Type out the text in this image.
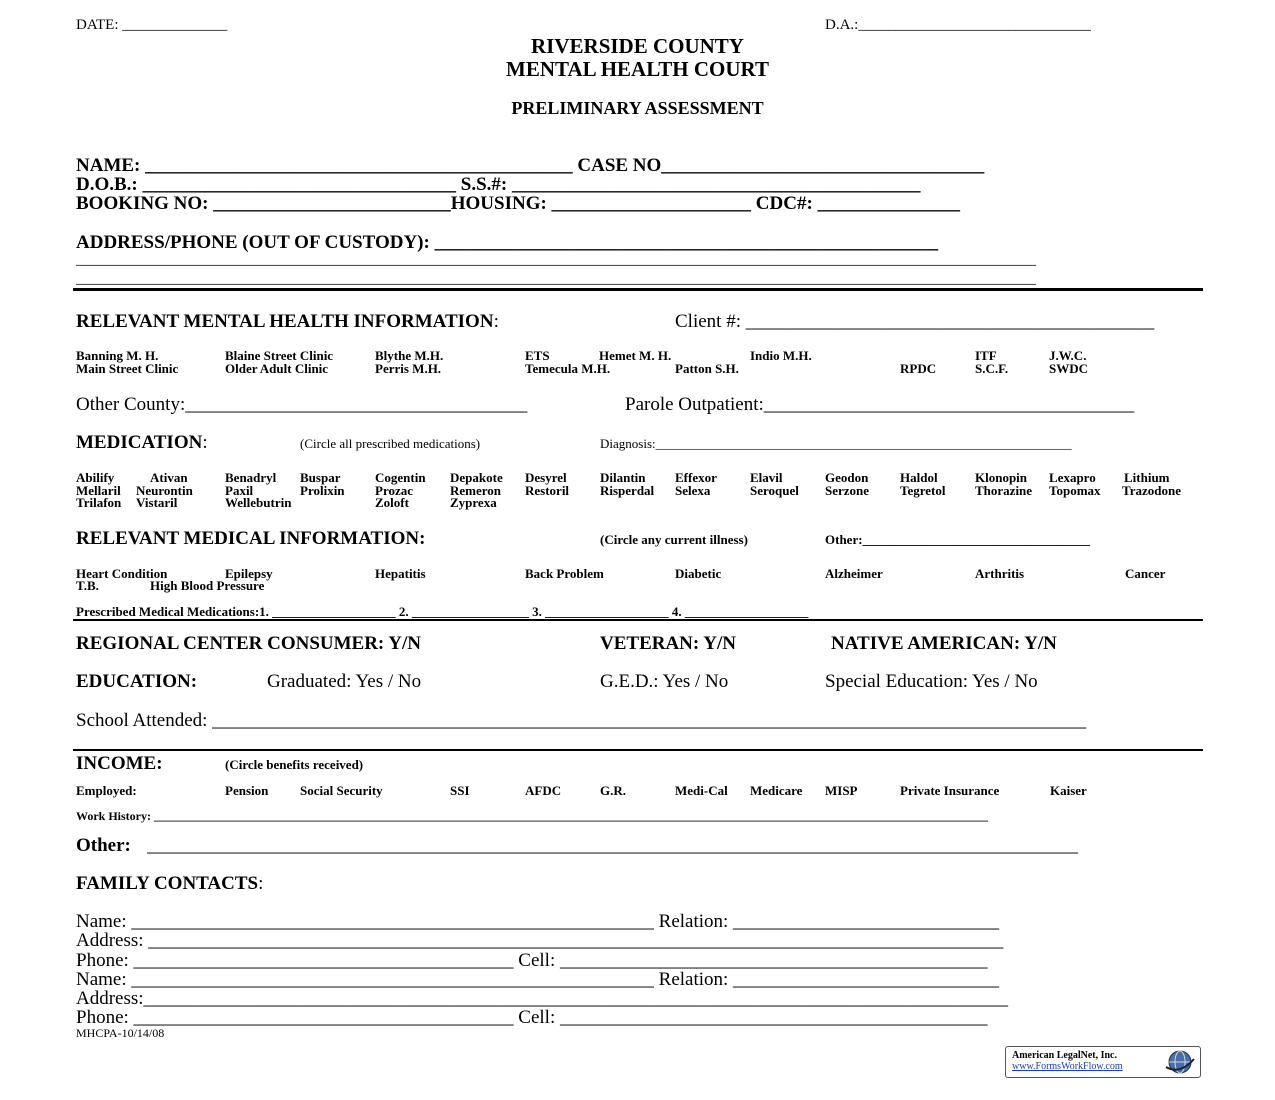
DATE: ______________	D.A.:_______________________________
RIVERSIDE COUNTY
MENTAL HEALTH COURT
PRELIMINARY ASSESSMENT
NAME: _____________________________________________ CASE NO__________________________________
D.O.B.: _________________________________ S.S.#: ___________________________________________
BOOKING NO: _________________________HOUSING: _____________________ CDC#: _______________
ADDRESS/PHONE (OUT OF CUSTODY): _____________________________________________________
________________________________________________________________________________________________________________________________
________________________________________________________________________________________________________________________________
RELEVANT MENTAL HEALTH INFORMATION:	Client #: ___________________________________________
Banning M. H.	Blaine Street Clinic	Blythe M.H.	ETS	Hemet M. H.	Indio M.H.	ITF	J.W.C.
Main Street Clinic	Older Adult Clinic	Perris M.H.	Temecula M.H.	Patton S.H.	RPDC	S.C.F.	SWDC
Other County:____________________________________	Parole Outpatient:_______________________________________
MEDICATION:	(Circle all prescribed medications)	Diagnosis:________________________________________________________________
Abilify	Ativan	Benadryl Buspar	Cogentin Depakote Desyrel	Dilantin Effexor	Elavil	Geodon Haldol	Klonopin Lexapro Lithium
Mellaril Neurontin Paxil	Prolixin Prozac	Remeron Restoril Risperdal Selexa	Seroquel Serzone Tegretol Thorazine Topomax Trazodone
Trilafon Vistaril	Wellebutrin	Zoloft	Zyprexa
RELEVANT MEDICAL INFORMATION:	(Circle any current illness)	Other:___________________________________
Heart Condition	Epilepsy	Hepatitis	Back Problem	Diabetic	Alzheimer	Arthritis	Cancer
T.B.	High Blood Pressure
Prescribed Medical Medications:1. ___________________ 2. __________________ 3. ___________________ 4. ___________________
REGIONAL CENTER CONSUMER: Y/N	VETERAN: Y/N	NATIVE AMERICAN: Y/N
EDUCATION:	Graduated: Yes / No	G.E.D.: Yes / No	Special Education: Yes / No
School Attended: ____________________________________________________________________________________________
INCOME:	(Circle benefits received)
Employed:	Pension Social Security	SSI	AFDC	G.R.	Medi-Cal Medicare MISP	Private Insurance	Kaiser
Work History: ___________________________________________________________________________________________________________________________________________
Other: __________________________________________________________________________________________________
FAMILY CONTACTS:
Name: _______________________________________________________ Relation: ____________________________
Address: __________________________________________________________________________________________
Phone: ________________________________________ Cell: _____________________________________________
Name: _______________________________________________________ Relation: ____________________________
Address:___________________________________________________________________________________________
Phone: ________________________________________ Cell: _____________________________________________
MHCPA-10/14/08
American LegalNet, Inc.
www.FormsWorkFlow.com
